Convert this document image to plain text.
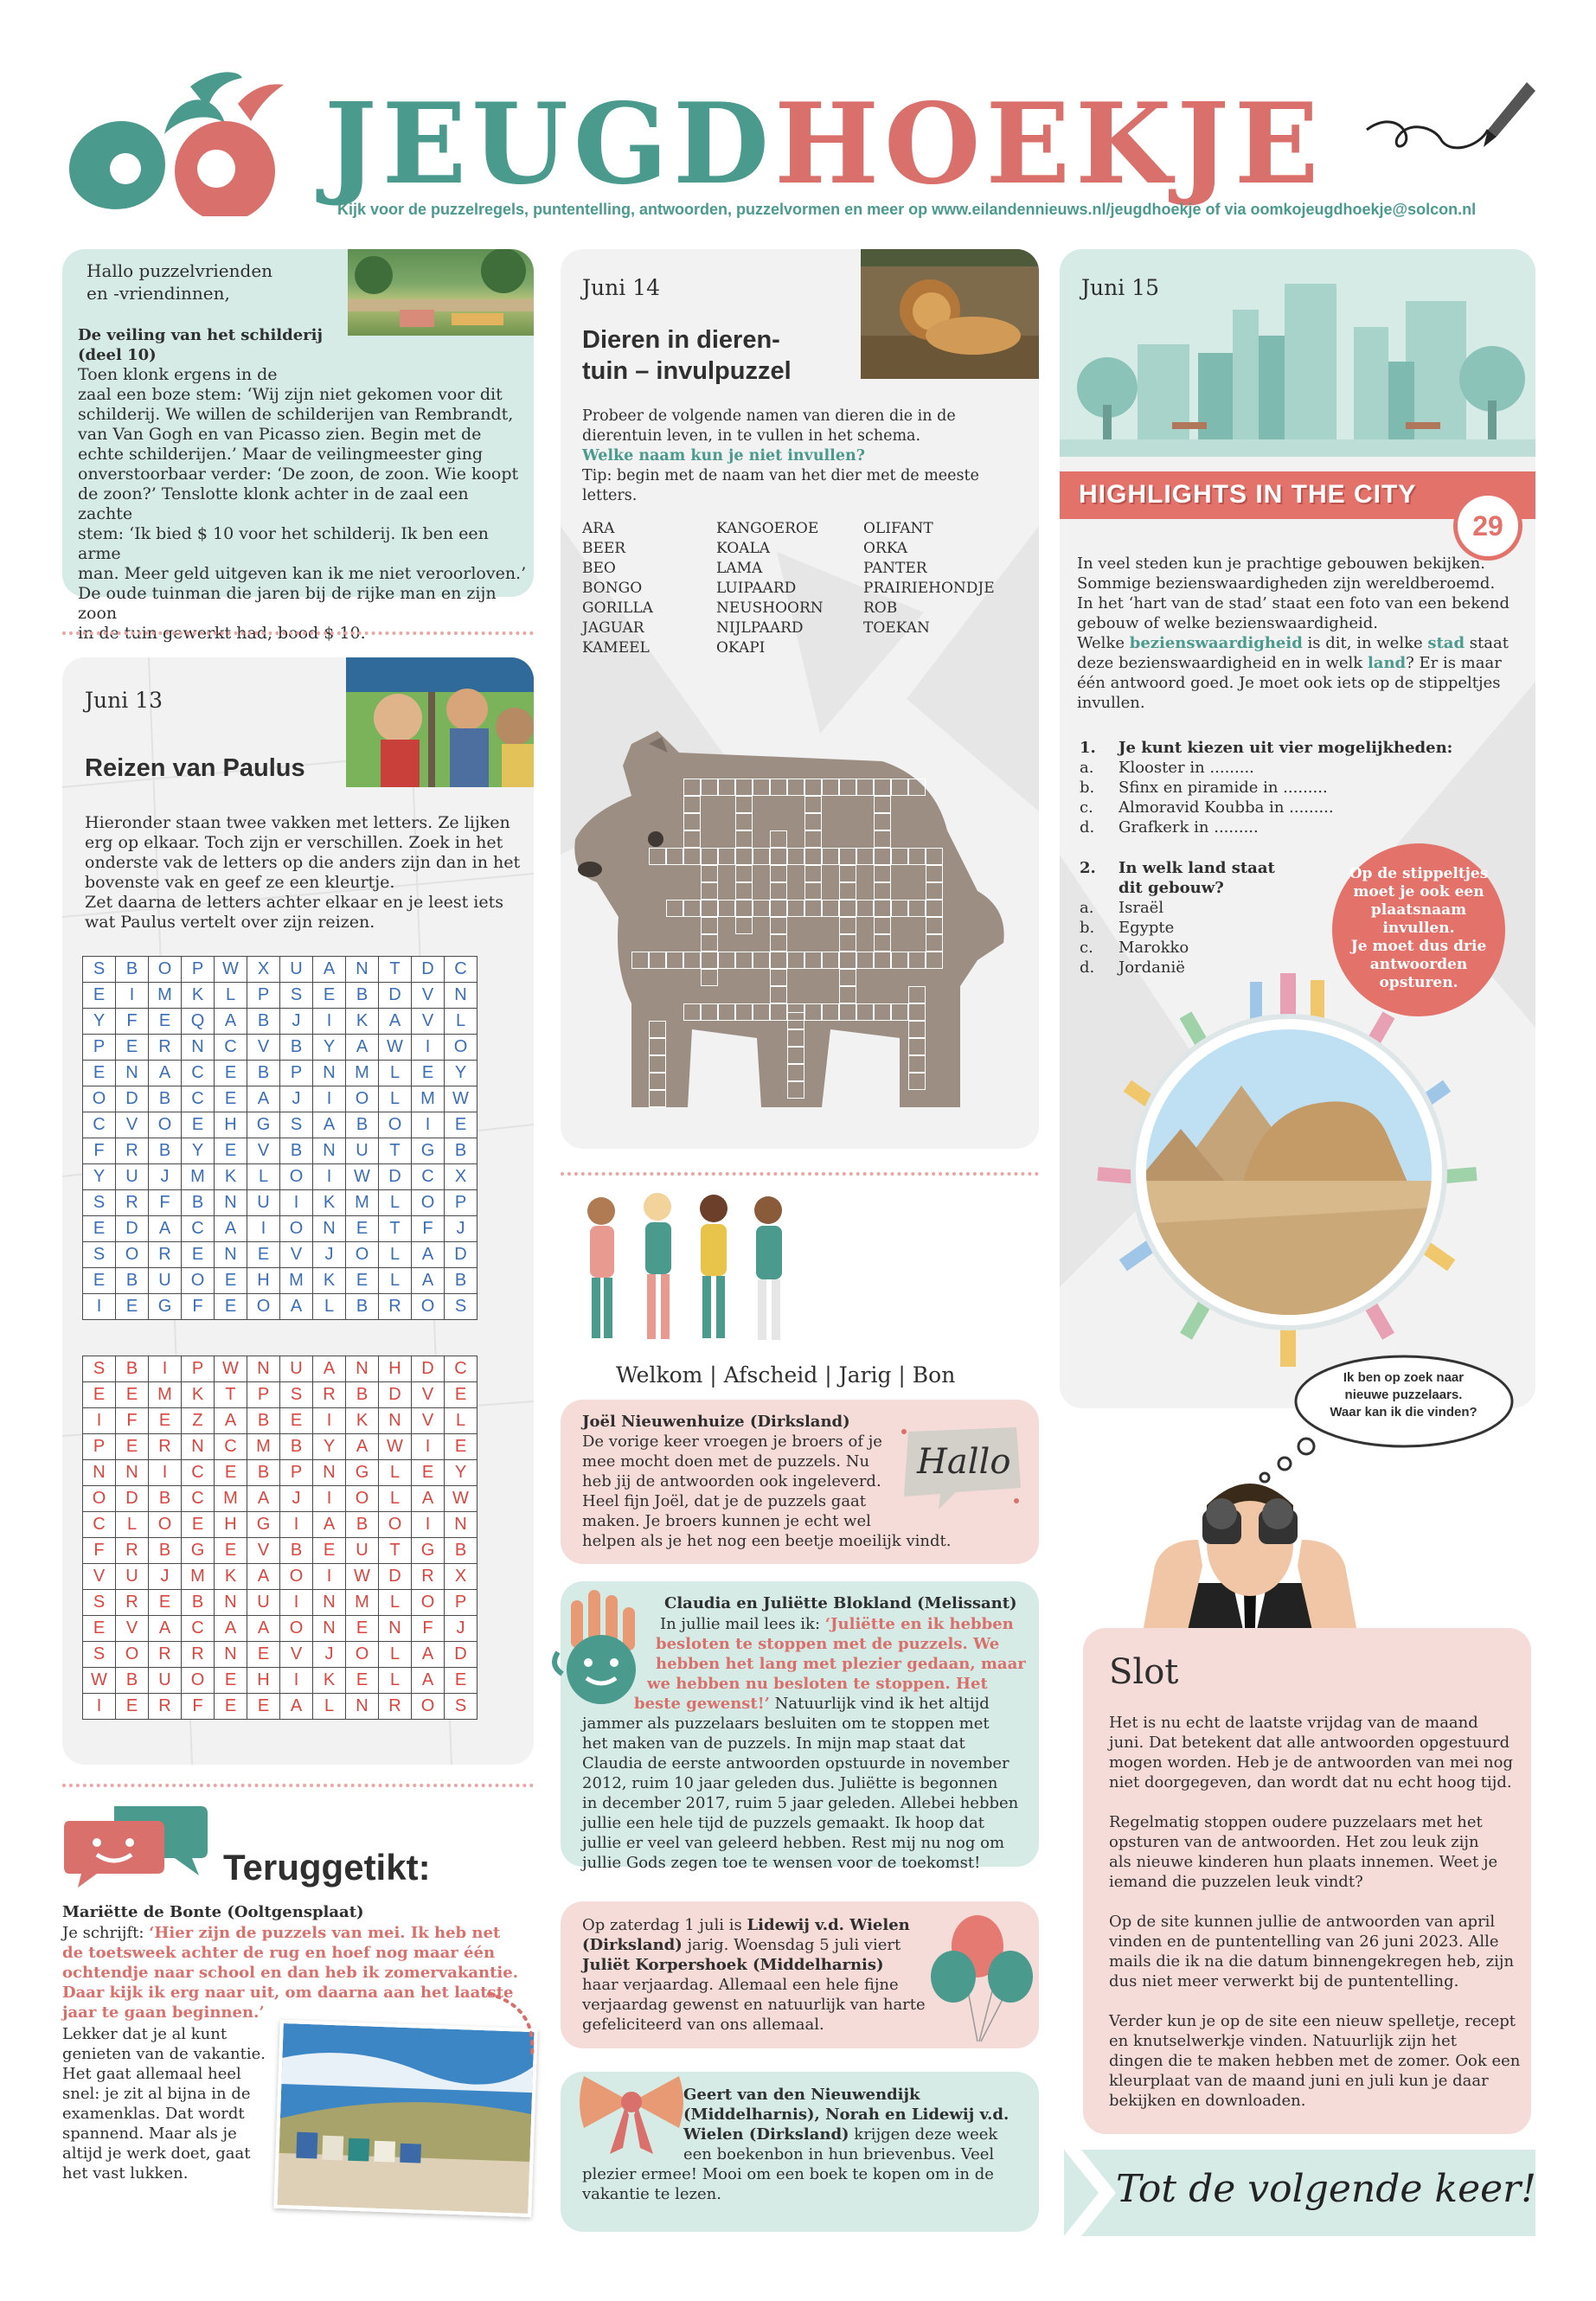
JEUGDHOEKJE
Kijk voor de puzzelregels, puntentelling, antwoorden, puzzelvormen en meer op www.eilandennieuws.nl/jeugdhoekje of via oomkojeugdhoekje@solcon.nl
Hallo puzzelvrienden
en -vriendinnen,
De veiling van het schilderij
(deel 10)
Toen klonk ergens in de
zaal een boze stem: ‘Wij zijn niet gekomen voor dit
schilderij. We willen de schilderijen van Rembrandt,
van Van Gogh en van Picasso zien. Begin met de
echte schilderijen.’ Maar de veilingmeester ging
onverstoorbaar verder: ‘De zoon, de zoon. Wie koopt
de zoon?’ Tenslotte klonk achter in de zaal een zachte
stem: ‘Ik bied $ 10 voor het schilderij. Ik ben een arme
man. Meer geld uitgeven kan ik me niet veroorloven.’
De oude tuinman die jaren bij de rijke man en zijn zoon
in de tuin gewerkt had, bood $ 10.
Juni 13
Reizen van Paulus
Hieronder staan twee vakken met letters. Ze lijken
erg op elkaar. Toch zijn er verschillen. Zoek in het
onderste vak de letters op die anders zijn dan in het
bovenste vak en geef ze een kleurtje.
Zet daarna de letters achter elkaar en je leest iets
wat Paulus vertelt over zijn reizen.
S	B	O	P	W	X	U	A	N	T	D	C
E	I	M	K	L	P	S	E	B	D	V	N
Y	F	E	Q	A	B	J	I	K	A	V	L
P	E	R	N	C	V	B	Y	A	W	I	O
E	N	A	C	E	B	P	N	M	L	E	Y
O	D	B	C	E	A	J	I	O	L	M	W
C	V	O	E	H	G	S	A	B	O	I	E
F	R	B	Y	E	V	B	N	U	T	G	B
Y	U	J	M	K	L	O	I	W	D	C	X
S	R	F	B	N	U	I	K	M	L	O	P
E	D	A	C	A	I	O	N	E	T	F	J
S	O	R	E	N	E	V	J	O	L	A	D
E	B	U	O	E	H	M	K	E	L	A	B
I	E	G	F	E	O	A	L	B	R	O	S
S	B	I	P	W	N	U	A	N	H	D	C
E	E	M	K	T	P	S	R	B	D	V	E
I	F	E	Z	A	B	E	I	K	N	V	L
P	E	R	N	C	M	B	Y	A	W	I	E
N	N	I	C	E	B	P	N	G	L	E	Y
O	D	B	C	M	A	J	I	O	L	A	W
C	L	O	E	H	G	I	A	B	O	I	N
F	R	B	G	E	V	B	E	U	T	G	B
V	U	J	M	K	A	O	I	W	D	R	X
S	R	E	B	N	U	I	N	M	L	O	P
E	V	A	C	A	A	O	N	E	N	F	J
S	O	R	R	N	E	V	J	O	L	A	D
W	B	U	O	E	H	I	K	E	L	A	E
I	E	R	F	E	E	A	L	N	R	O	S
Teruggetikt:
Mariëtte de Bonte (Ooltgensplaat)
Je schrijft: ‘Hier zijn de puzzels van mei. Ik heb net
de toetsweek achter de rug en hoef nog maar één
ochtendje naar school en dan heb ik zomervakantie.
Daar kijk ik erg naar uit, om daarna aan het laatste
jaar te gaan beginnen.’
Lekker dat je al kunt
genieten van de vakantie.
Het gaat allemaal heel
snel: je zit al bijna in de
examenklas. Dat wordt
spannend. Maar als je
altijd je werk doet, gaat
het vast lukken.
Juni 14
Dieren in dieren-
tuin – invulpuzzel
Probeer de volgende namen van dieren die in de
dierentuin leven, in te vullen in het schema.
Welke naam kun je niet invullen?
Tip: begin met de naam van het dier met de meeste
letters.
ARA
BEER
BEO
BONGO
GORILLA
JAGUAR
KAMEEL
KANGOEROE
KOALA
LAMA
LUIPAARD
NEUSHOORN
NIJLPAARD
OKAPI
OLIFANT
ORKA
PANTER
PRAIRIEHONDJE
ROB
TOEKAN
Welkom | Afscheid | Jarig | Bon
Hallo
Joël Nieuwenhuize (Dirksland)
De vorige keer vroegen je broers of je
mee mocht doen met de puzzels. Nu
heb jij de antwoorden ook ingeleverd.
Heel fijn Joël, dat je de puzzels gaat
maken. Je broers kunnen je echt wel
helpen als je het nog een beetje moeilijk vindt.
Claudia en Juliëtte Blokland (Melissant)
In jullie mail lees ik: ‘Juliëtte en ik hebben
besloten te stoppen met de puzzels. We
hebben het lang met plezier gedaan, maar
we hebben nu besloten te stoppen. Het
beste gewenst!’ Natuurlijk vind ik het altijd
jammer als puzzelaars besluiten om te stoppen met
het maken van de puzzels. In mijn map staat dat
Claudia de eerste antwoorden opstuurde in november
2012, ruim 10 jaar geleden dus. Juliëtte is begonnen
in december 2017, ruim 5 jaar geleden. Allebei hebben
jullie een hele tijd de puzzels gemaakt. Ik hoop dat
jullie er veel van geleerd hebben. Rest mij nu nog om
jullie Gods zegen toe te wensen voor de toekomst!
Op zaterdag 1 juli is Lidewij v.d. Wielen
(Dirksland) jarig. Woensdag 5 juli viert
Juliët Korpershoek (Middelharnis)
haar verjaardag. Allemaal een hele fijne
verjaardag gewenst en natuurlijk van harte
gefeliciteerd van ons allemaal.
Geert van den Nieuwendijk
(Middelharnis), Norah en Lidewij v.d.
Wielen (Dirksland) krijgen deze week
een boekenbon in hun brievenbus. Veel
plezier ermee! Mooi om een boek te kopen om in de
vakantie te lezen.
Juni 15
HIGHLIGHTS IN THE CITY
29
In veel steden kun je prachtige gebouwen bekijken.
Sommige bezienswaardigheden zijn wereldberoemd.
In het ‘hart van de stad’ staat een foto van een bekend
gebouw of welke bezienswaardigheid.
Welke bezienswaardigheid is dit, in welke stad staat
deze bezienswaardigheid en in welk land? Er is maar
één antwoord goed. Je moet ook iets op de stippeltjes
invullen.
1. Je kunt kiezen uit vier mogelijkheden:
a. Klooster in .........
b. Sfinx en piramide in .........
c. Almoravid Koubba in .........
d. Grafkerk in .........
2. In welk land staat
dit gebouw?
a. Israël
b. Egypte
c. Marokko
d. Jordanië
Op de stippeltjes
moet je ook een
plaatsnaam
invullen.
Je moet dus drie
antwoorden
opsturen.
Ik ben op zoek naar
nieuwe puzzelaars.
Waar kan ik die vinden?
Slot
Het is nu echt de laatste vrijdag van de maand
juni. Dat betekent dat alle antwoorden opgestuurd
mogen worden. Heb je de antwoorden van mei nog
niet doorgegeven, dan wordt dat nu echt hoog tijd.
Regelmatig stoppen oudere puzzelaars met het
opsturen van de antwoorden. Het zou leuk zijn
als nieuwe kinderen hun plaats innemen. Weet je
iemand die puzzelen leuk vindt?
Op de site kunnen jullie de antwoorden van april
vinden en de puntentelling van 26 juni 2023. Alle
mails die ik na die datum binnengekregen heb, zijn
dus niet meer verwerkt bij de puntentelling.
Verder kun je op de site een nieuw spelletje, recept
en knutselwerkje vinden. Natuurlijk zijn het
dingen die te maken hebben met de zomer. Ook een
kleurplaat van de maand juni en juli kun je daar
bekijken en downloaden.
Tot de volgende keer!
